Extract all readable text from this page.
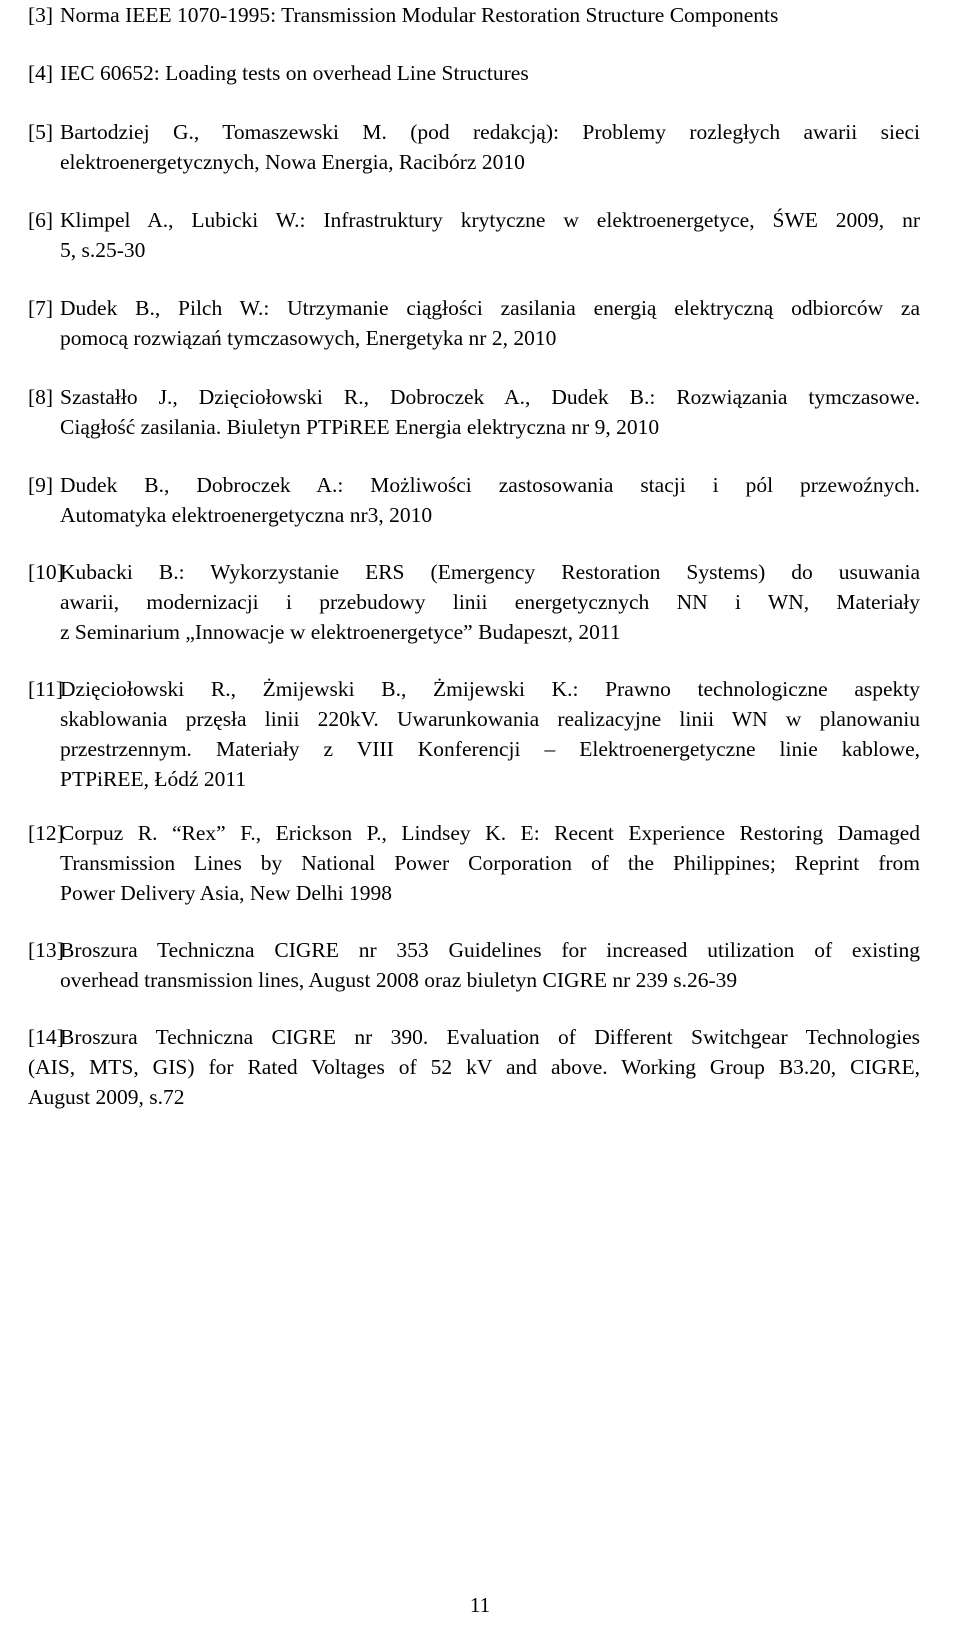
[3] Norma IEEE 1070-1995: Transmission Modular Restoration Structure Components
[4] IEC 60652: Loading tests on overhead Line Structures
[5] Bartodziej G., Tomaszewski M. (pod redakcją): Problemy rozległych awarii sieci
elektroenergetycznych, Nowa Energia, Racibórz 2010
[6] Klimpel A., Lubicki W.: Infrastruktury krytyczne w elektroenergetyce, ŚWE 2009, nr
5, s.25-30
[7] Dudek B., Pilch W.: Utrzymanie ciągłości zasilania energią elektryczną odbiorców za
pomocą rozwiązań tymczasowych, Energetyka nr 2, 2010
[8] Szastałło J., Dzięciołowski R., Dobroczek A., Dudek B.: Rozwiązania tymczasowe.
Ciągłość zasilania. Biuletyn PTPiREE Energia elektryczna nr 9, 2010
[9] Dudek B., Dobroczek A.: Możliwości zastosowania stacji i pól przewoźnych.
Automatyka elektroenergetyczna nr3, 2010
[10]
Kubacki B.: Wykorzystanie ERS (Emergency Restoration Systems) do usuwania
awarii, modernizacji i przebudowy linii energetycznych NN i WN, Materiały
z Seminarium „Innowacje w elektroenergetyce” Budapeszt, 2011
[11]
Dzięciołowski R., Żmijewski B., Żmijewski K.: Prawno technologiczne aspekty
skablowania przęsła linii 220kV. Uwarunkowania realizacyjne linii WN w planowaniu
przestrzennym. Materiały z VIII Konferencji – Elektroenergetyczne linie kablowe,
PTPiREE, Łódź 2011
[12]
Corpuz R. “Rex” F., Erickson P., Lindsey K. E: Recent Experience Restoring Damaged
Transmission Lines by National Power Corporation of the Philippines; Reprint from
Power Delivery Asia, New Delhi 1998
[13]
Broszura Techniczna CIGRE nr 353 Guidelines for increased utilization of existing
overhead transmission lines, August 2008 oraz biuletyn CIGRE nr 239 s.26-39
[14]
Broszura Techniczna CIGRE nr 390. Evaluation of Different Switchgear Technologies
(AIS, MTS, GIS) for Rated Voltages of 52 kV and above. Working Group B3.20, CIGRE,
August 2009, s.72
11
